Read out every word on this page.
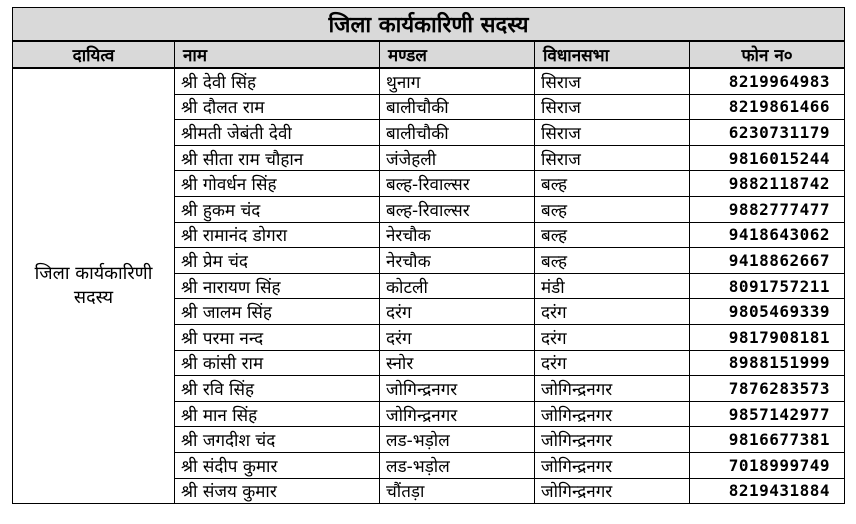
जिला कार्यकारिणी सदस्य				
दायित्व	नाम	मण्डल	विधानसभा	फोन न०
जिला कार्यकारिणी सदस्य	श्री देवी सिंह	थुनाग	सिराज	8219964983
	श्री दौलत राम	बालीचौकी	सिराज	8219861466
	श्रीमती जेबंती देवी	बालीचौकी	सिराज	6230731179
	श्री सीता राम चौहान	जंजेहली	सिराज	9816015244
	श्री गोवर्धन सिंह	बल्ह-रिवाल्सर	बल्ह	9882118742
	श्री हुकम चंद	बल्ह-रिवाल्सर	बल्ह	9882777477
	श्री रामानंद डोगरा	नेरचौक	बल्ह	9418643062
	श्री प्रेम चंद	नेरचौक	बल्ह	9418862667
	श्री नारायण सिंह	कोटली	मंडी	8091757211
	श्री जालम सिंह	दरंग	दरंग	9805469339
	श्री परमा नन्द	दरंग	दरंग	9817908181
	श्री कांसी राम	स्नोर	दरंग	8988151999
	श्री रवि सिंह	जोगिन्द्रनगर	जोगिन्द्रनगर	7876283573
	श्री मान सिंह	जोगिन्द्रनगर	जोगिन्द्रनगर	9857142977
	श्री जगदीश चंद	लड-भड़ोल	जोगिन्द्रनगर	9816677381
	श्री संदीप कुमार	लड-भड़ोल	जोगिन्द्रनगर	7018999749
	श्री संजय कुमार	चौंतड़ा	जोगिन्द्रनगर	8219431884
